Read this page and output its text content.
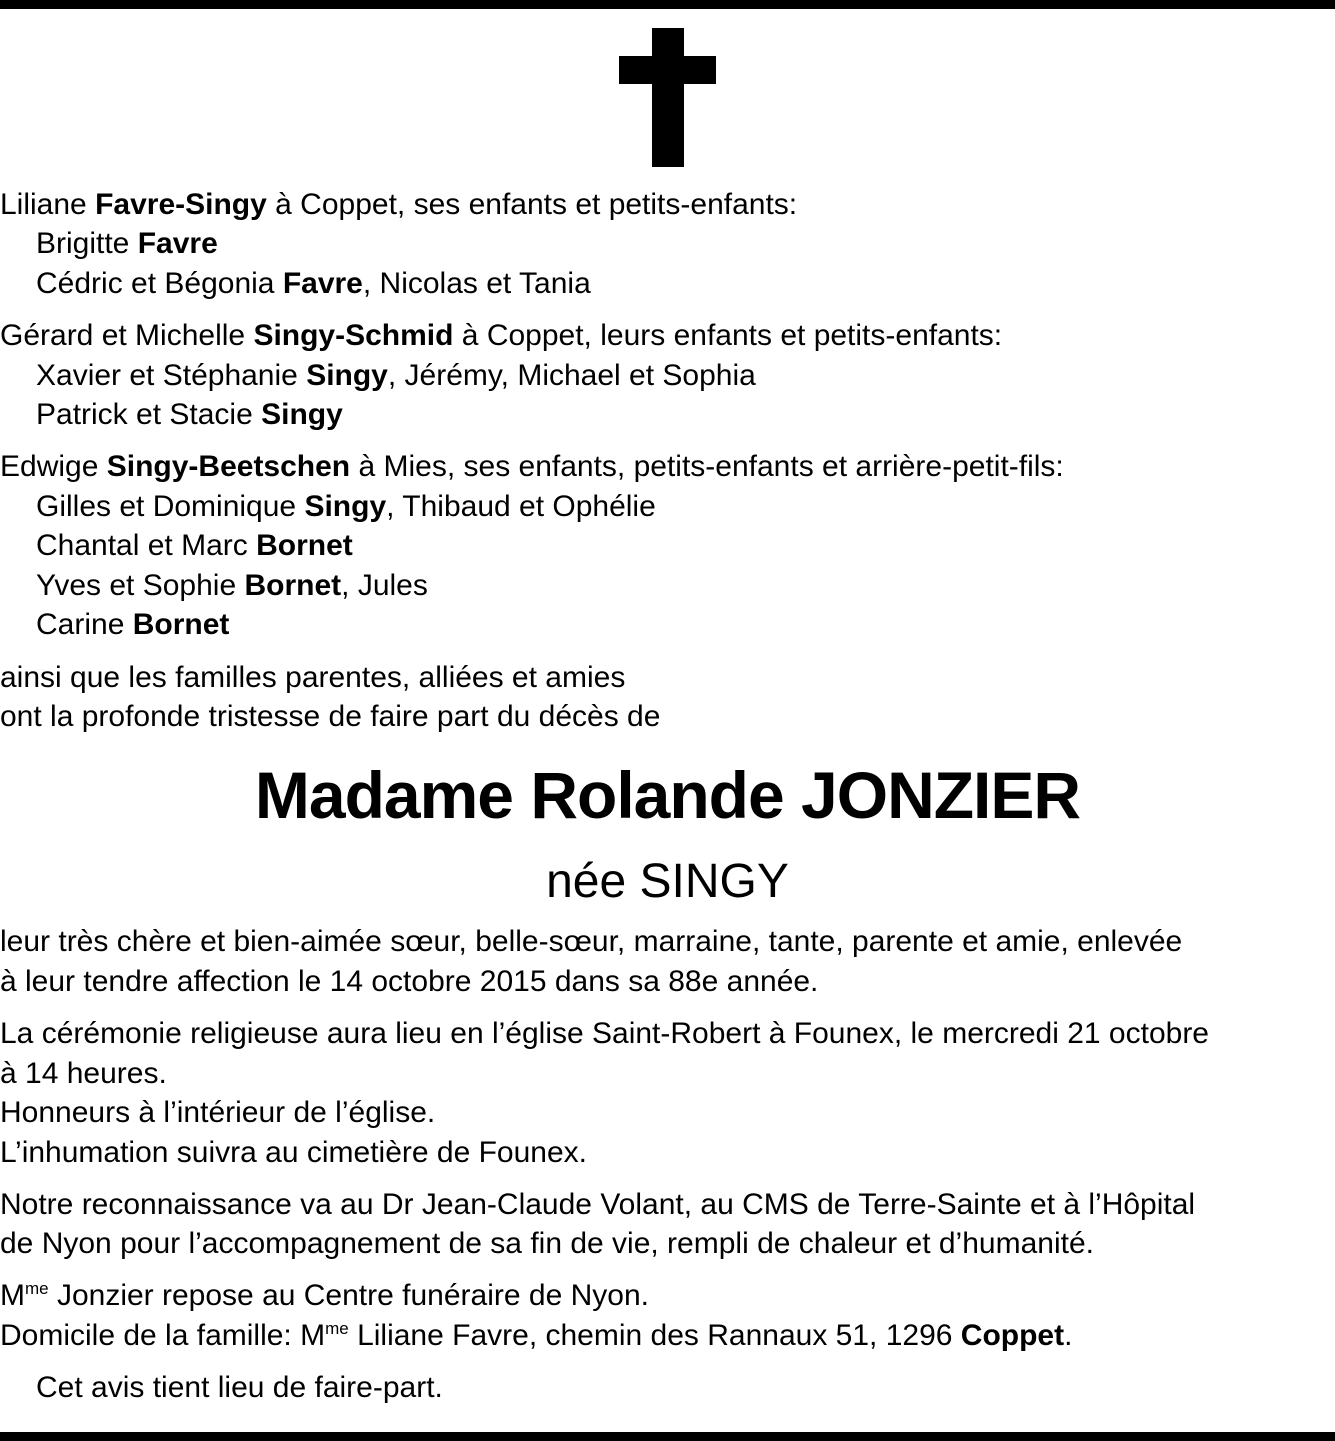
Liliane Favre-Singy à Coppet, ses enfants et petits-enfants:
Brigitte Favre
Cédric et Bégonia Favre, Nicolas et Tania
Gérard et Michelle Singy-Schmid à Coppet, leurs enfants et petits-enfants:
Xavier et Stéphanie Singy, Jérémy, Michael et Sophia
Patrick et Stacie Singy
Edwige Singy-Beetschen à Mies, ses enfants, petits-enfants et arrière-petit-fils:
Gilles et Dominique Singy, Thibaud et Ophélie
Chantal et Marc Bornet
Yves et Sophie Bornet, Jules
Carine Bornet
ainsi que les familles parentes, alliées et amies
ont la profonde tristesse de faire part du décès de
Madame Rolande JONZIER
née SINGY
leur très chère et bien-aimée sœur, belle-sœur, marraine, tante, parente et amie, enlevée
à leur tendre affection le 14 octobre 2015 dans sa 88e année.
La cérémonie religieuse aura lieu en l’église Saint-Robert à Founex, le mercredi 21 octobre
à 14 heures.
Honneurs à l’intérieur de l’église.
L’inhumation suivra au cimetière de Founex.
Notre reconnaissance va au Dr Jean-Claude Volant, au CMS de Terre-Sainte et à l’Hôpital
de Nyon pour l’accompagnement de sa fin de vie, rempli de chaleur et d’humanité.
$M^{me}$ Jonzier repose au Centre funéraire de Nyon.
Domicile de la famille: $M^{me}$ Liliane Favre, chemin des Rannaux 51, 1296 Coppet.
Cet avis tient lieu de faire-part.
